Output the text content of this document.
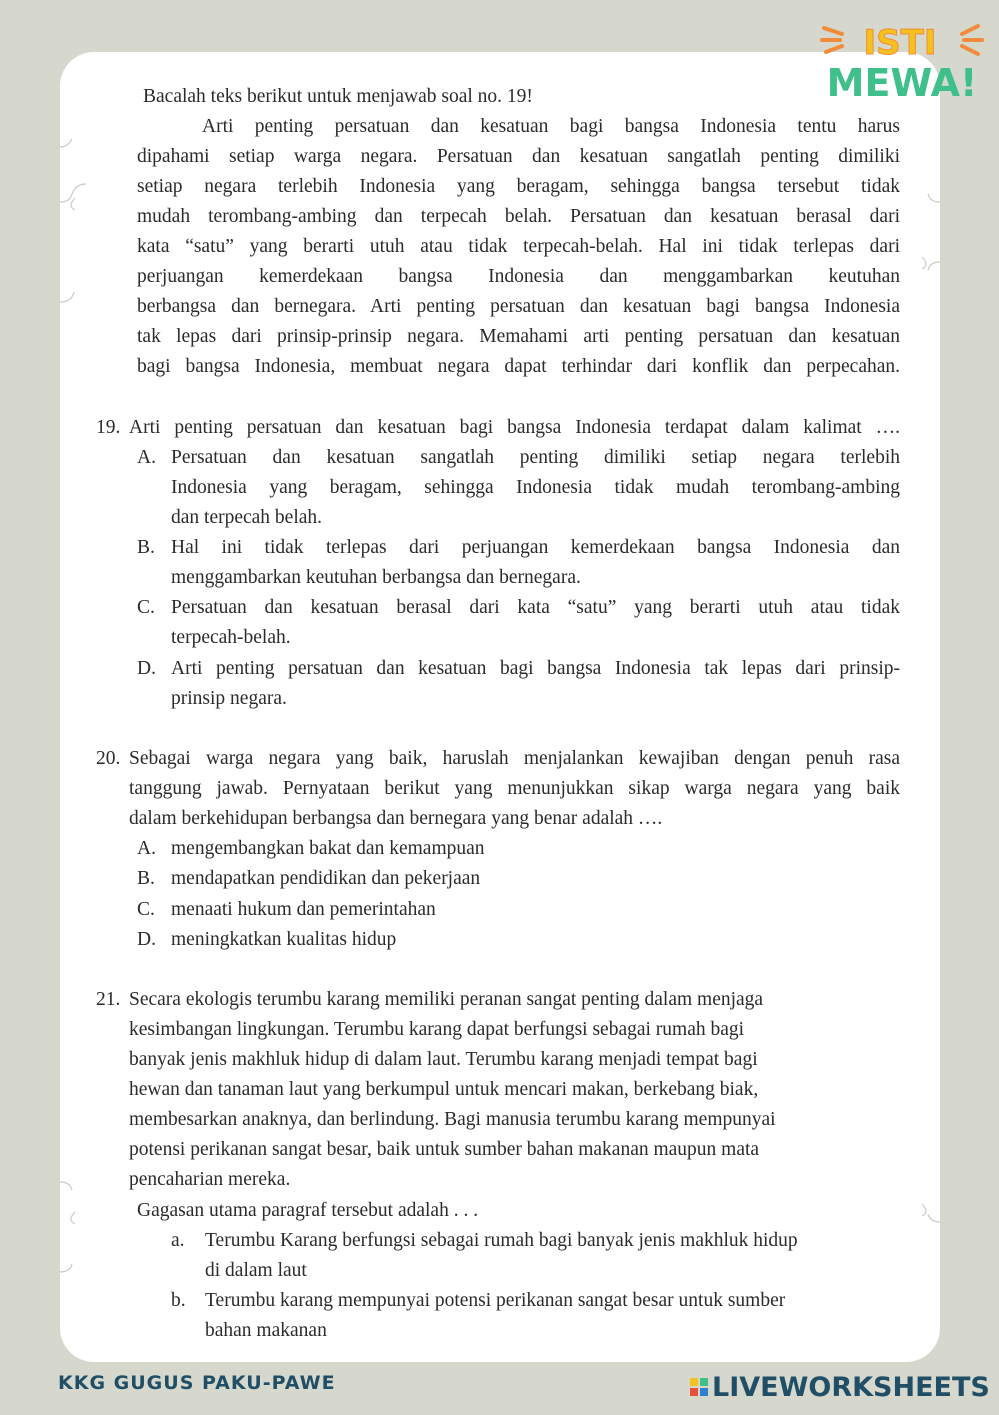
ISTI
MEWA!
Bacalah teks berikut untuk menjawab soal no. 19!
Arti penting persatuan dan kesatuan bagi bangsa Indonesia tentu harus
dipahami setiap warga negara. Persatuan dan kesatuan sangatlah penting dimiliki
setiap negara terlebih Indonesia yang beragam, sehingga bangsa tersebut tidak
mudah terombang-ambing dan terpecah belah. Persatuan dan kesatuan berasal dari
kata “satu” yang berarti utuh atau tidak terpecah-belah. Hal ini tidak terlepas dari
perjuangan kemerdekaan bangsa Indonesia dan menggambarkan keutuhan
berbangsa dan bernegara. Arti penting persatuan dan kesatuan bagi bangsa Indonesia
tak lepas dari prinsip-prinsip negara. Memahami arti penting persatuan dan kesatuan
bagi bangsa Indonesia, membuat negara dapat terhindar dari konflik dan perpecahan.
19. Arti penting persatuan dan kesatuan bagi bangsa Indonesia terdapat dalam kalimat ….
A. Persatuan dan kesatuan sangatlah penting dimiliki setiap negara terlebih
Indonesia yang beragam, sehingga Indonesia tidak mudah terombang-ambing
dan terpecah belah.
B. Hal ini tidak terlepas dari perjuangan kemerdekaan bangsa Indonesia dan
menggambarkan keutuhan berbangsa dan bernegara.
C. Persatuan dan kesatuan berasal dari kata “satu” yang berarti utuh atau tidak
terpecah-belah.
D. Arti penting persatuan dan kesatuan bagi bangsa Indonesia tak lepas dari prinsip-
prinsip negara.
20. Sebagai warga negara yang baik, haruslah menjalankan kewajiban dengan penuh rasa
tanggung jawab. Pernyataan berikut yang menunjukkan sikap warga negara yang baik
dalam berkehidupan berbangsa dan bernegara yang benar adalah ….
A. mengembangkan bakat dan kemampuan
B. mendapatkan pendidikan dan pekerjaan
C. menaati hukum dan pemerintahan
D. meningkatkan kualitas hidup
21. Secara ekologis terumbu karang memiliki peranan sangat penting dalam menjaga
kesimbangan lingkungan. Terumbu karang dapat berfungsi sebagai rumah bagi
banyak jenis makhluk hidup di dalam laut. Terumbu karang menjadi tempat bagi
hewan dan tanaman laut yang berkumpul untuk mencari makan, berkebang biak,
membesarkan anaknya, dan berlindung. Bagi manusia terumbu karang mempunyai
potensi perikanan sangat besar, baik untuk sumber bahan makanan maupun mata
pencaharian mereka.
Gagasan utama paragraf tersebut adalah . . .
a. Terumbu Karang berfungsi sebagai rumah bagi banyak jenis makhluk hidup
di dalam laut
b. Terumbu karang mempunyai potensi perikanan sangat besar untuk sumber
bahan makanan
KKG GUGUS PAKU-PAWE	LIVEWORKSHEETS
